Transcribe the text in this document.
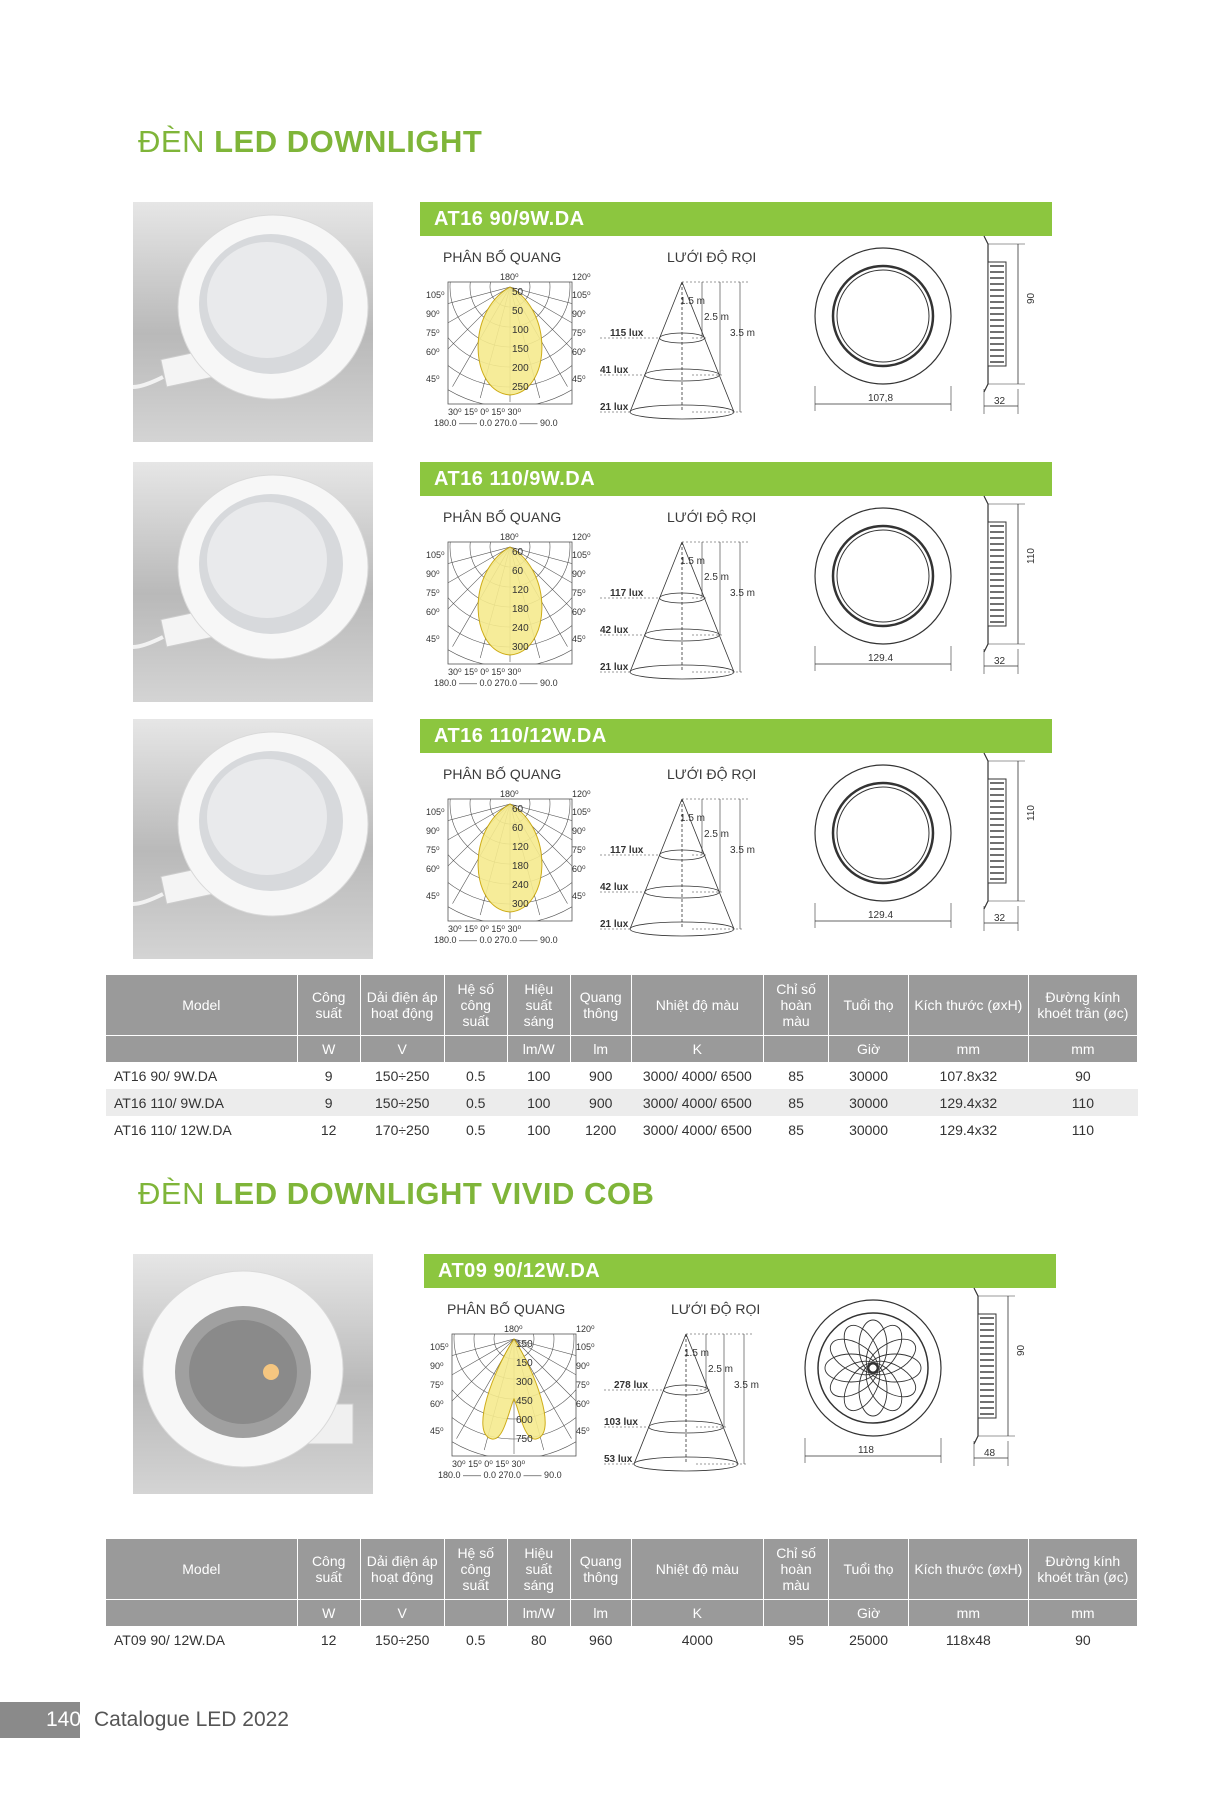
ĐÈN LED DOWNLIGHT
AT16 90/9W.DA
PHÂN BỐ QUANG	LƯỚI ĐỘ RỌI
50
50
100
150
200
250
180⁰	120⁰
105⁰
90⁰
75⁰
60⁰
45⁰
105⁰
90⁰
75⁰
60⁰
45⁰
30⁰ 15⁰ 0⁰ 15⁰ 30⁰
180.0 —— 0.0 270.0 —— 90.0
115 lux
41 lux
21 lux
1.5 m
2.5 m
3.5 m
107,8
90
32
AT16 110/9W.DA
PHÂN BỐ QUANG	LƯỚI ĐỘ RỌI
60
60
120
180
240
300
180⁰	120⁰
105⁰
90⁰
75⁰
60⁰
45⁰
105⁰
90⁰
75⁰
60⁰
45⁰
30⁰ 15⁰ 0⁰ 15⁰ 30⁰
180.0 —— 0.0 270.0 —— 90.0
117 lux
42 lux
21 lux
1.5 m
2.5 m
3.5 m
129.4
110
32
AT16 110/12W.DA
PHÂN BỐ QUANG	LƯỚI ĐỘ RỌI
60
60
120
180
240
300
180⁰	120⁰
105⁰
90⁰
75⁰
60⁰
45⁰
105⁰
90⁰
75⁰
60⁰
45⁰
30⁰ 15⁰ 0⁰ 15⁰ 30⁰
180.0 —— 0.0 270.0 —— 90.0
117 lux
42 lux
21 lux
1.5 m
2.5 m
3.5 m
129.4
110
32
AT09 90/12W.DA
PHÂN BỐ QUANG	LƯỚI ĐỘ RỌI
150
150
300
450
600
750
180⁰	120⁰
105⁰
90⁰
75⁰
60⁰
45⁰
105⁰
90⁰
75⁰
60⁰
45⁰
30⁰ 15⁰ 0⁰ 15⁰ 30⁰
180.0 —— 0.0 270.0 —— 90.0
278 lux
103 lux
53 lux
1.5 m
2.5 m
3.5 m
118
90
48
Model	Công suất	Dải điện áp hoạt động	Hệ số công suất	Hiệu suất sáng	Quang thông	Nhiệt độ màu	Chỉ số hoàn màu	Tuổi thọ	Kích thước (øxH)	Đường kính khoét trần (øc)
	W	V		lm/W	lm	K		Giờ	mm	mm
AT16 90/ 9W.DA	9	150÷250	0.5	100	900	3000/ 4000/ 6500	85	30000	107.8x32	90
AT16 110/ 9W.DA	9	150÷250	0.5	100	900	3000/ 4000/ 6500	85	30000	129.4x32	110
AT16 110/ 12W.DA	12	170÷250	0.5	100	1200	3000/ 4000/ 6500	85	30000	129.4x32	110
ĐÈN LED DOWNLIGHT VIVID COB
Model	Công suất	Dải điện áp hoạt động	Hệ số công suất	Hiệu suất sáng	Quang thông	Nhiệt độ màu	Chỉ số hoàn màu	Tuổi thọ	Kích thước (øxH)	Đường kính khoét trần (øc)
	W	V		lm/W	lm	K		Giờ	mm	mm
AT09 90/ 12W.DA	12	150÷250	0.5	80	960	4000	95	25000	118x48	90
140 Catalogue LED 2022
